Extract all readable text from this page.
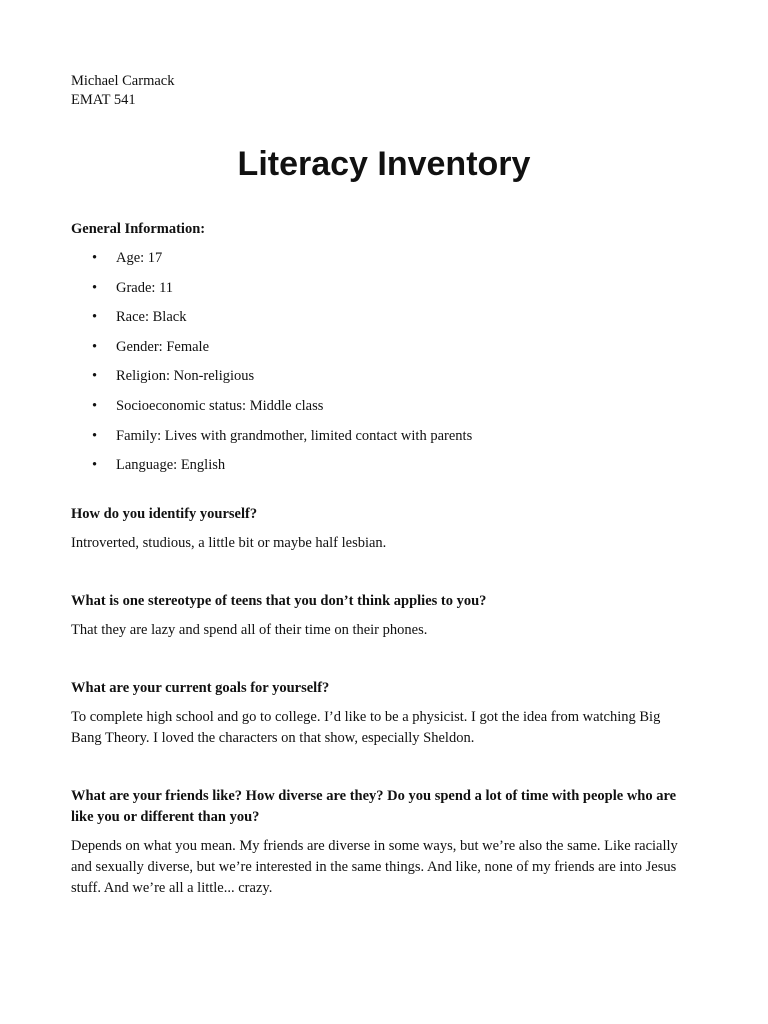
Michael Carmack

EMAT 541

Literacy Inventory

General Information:

• Age: 17
• Grade: 11
• Race: Black
• Gender: Female
• Religion: Non-religious
• Socioeconomic status: Middle class
• Family: Lives with grandmother, limited contact with parents
• Language: English

How do you identify yourself?

Introverted, studious, a little bit or maybe half lesbian.

What is one stereotype of teens that you don’t think applies to you?

That they are lazy and spend all of their time on their phones.

What are your current goals for yourself?

To complete high school and go to college. I’d like to be a physicist. I got the idea from watching Big Bang Theory. I loved the characters on that show, especially Sheldon.

What are your friends like? How diverse are they? Do you spend a lot of time with people who are like you or different than you?

Depends on what you mean. My friends are diverse in some ways, but we’re also the same. Like racially and sexually diverse, but we’re interested in the same things. And like, none of my friends are into Jesus stuff. And we’re all a little... crazy.
